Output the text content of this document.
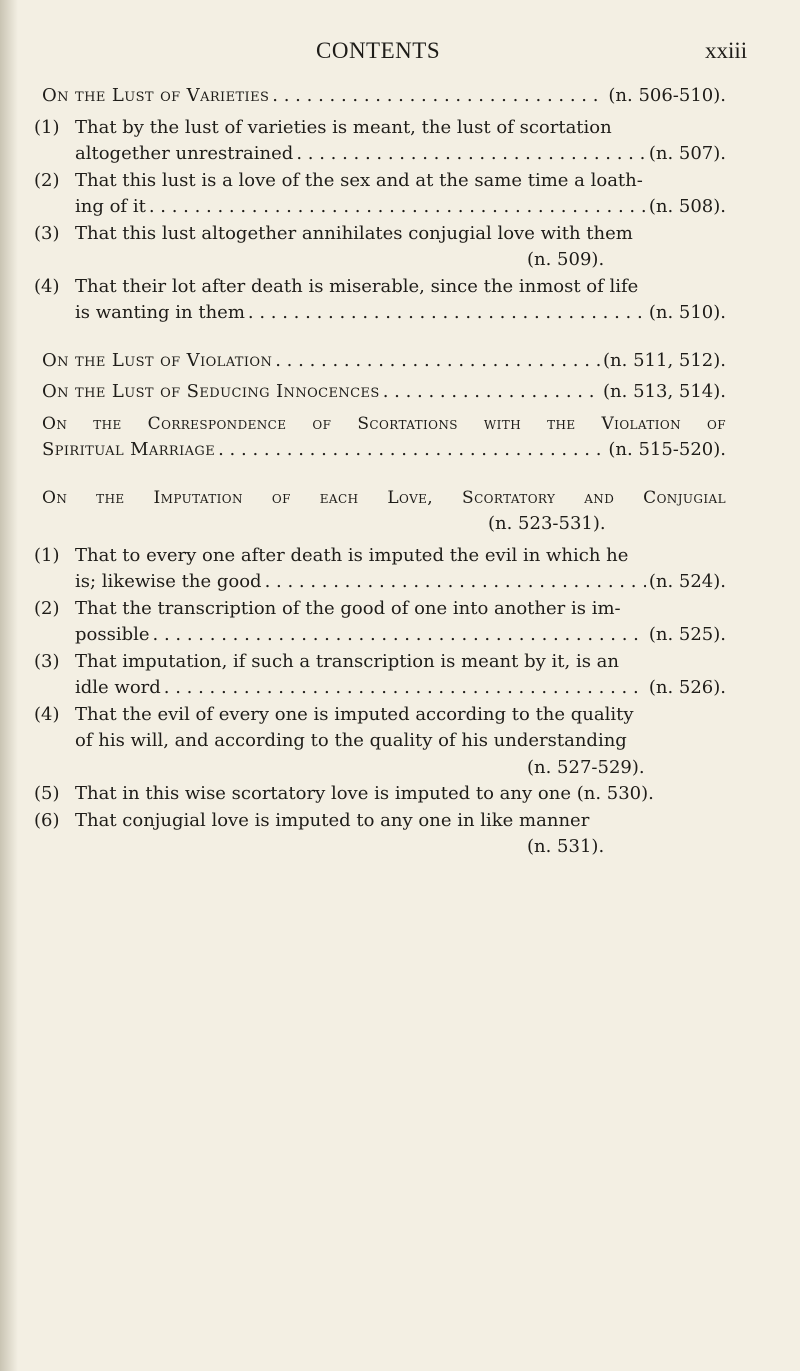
CONTENTS	xxiii
On the Lust of Varieties . . .	(n. 506-510).
(1) That by the lust of varieties is meant, the lust of scortation
altogether unrestrained . . .	(n. 507).
(2) That this lust is a love of the sex and at the same time a loath-
ing of it . . .	(n. 508).
(3) That this lust altogether annihilates conjugial love with them
(n. 509).
(4) That their lot after death is miserable, since the inmost of life
is wanting in them . . .	(n. 510).
On the Lust of Violation . . .	(n. 511, 512).
On the Lust of Seducing Innocences . . .	(n. 513, 514).
On the Correspondence of Scortations with the Violation of
Spiritual Marriage . . .	(n. 515-520).
On the Imputation of each Love, Scortatory and Conjugial
(n. 523-531).
(1) That to every one after death is imputed the evil in which he
is; likewise the good . . .	(n. 524).
(2) That the transcription of the good of one into another is im-
possible . . .	(n. 525).
(3) That imputation, if such a transcription is meant by it, is an
idle word . . .	(n. 526).
(4) That the evil of every one is imputed according to the quality
of his will, and according to the quality of his understanding
(n. 527-529).
(5) That in this wise scortatory love is imputed to any one (n. 530).
(6) That conjugial love is imputed to any one in like manner
(n. 531).
